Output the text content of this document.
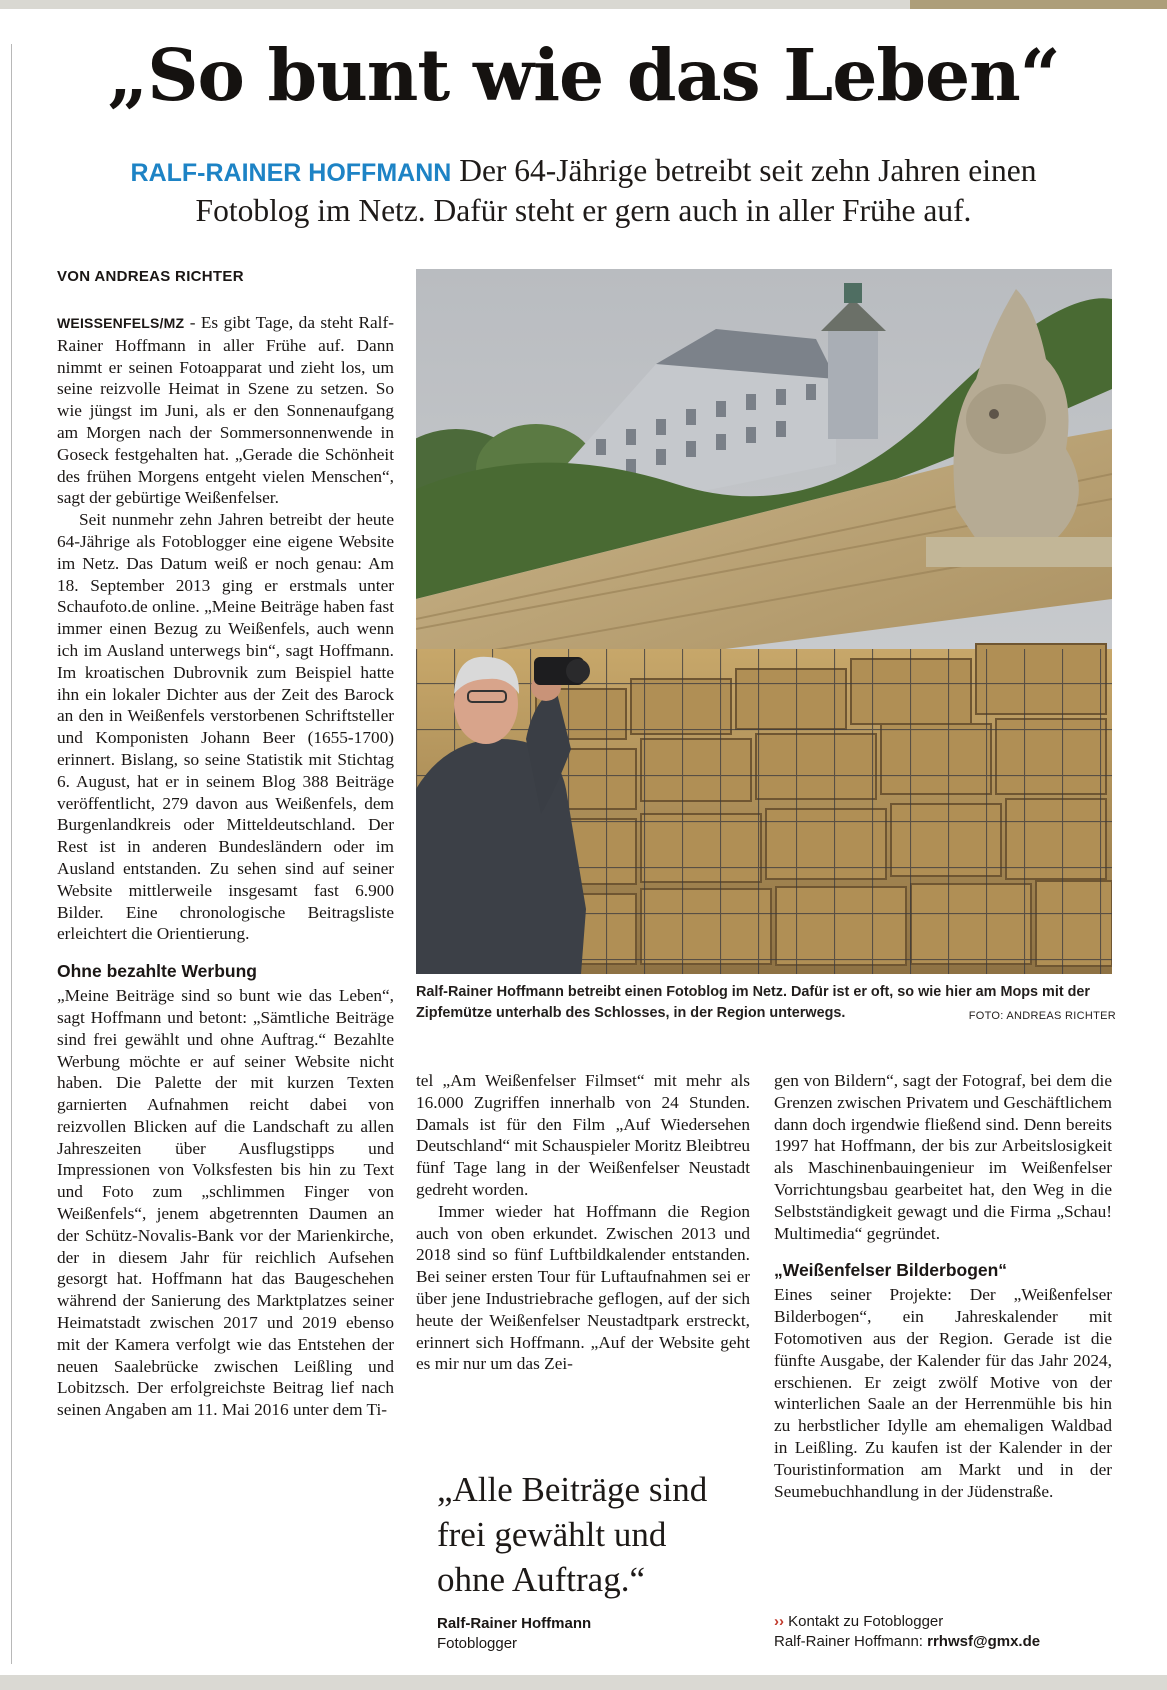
„So bunt wie das Leben“
RALF-RAINER HOFFMANN Der 64-Jährige betreibt seit zehn Jahren einen Fotoblog im Netz. Dafür steht er gern auch in aller Frühe auf.
VON ANDREAS RICHTER

WEISSENFELS/MZ - Es gibt Tage, da steht Ralf-Rainer Hoffmann in aller Frühe auf. Dann nimmt er seinen Fotoapparat und zieht los, um seine reizvolle Heimat in Szene zu setzen. So wie jüngst im Juni, als er den Sonnenaufgang am Morgen nach der Sommersonnenwende in Goseck festgehalten hat. „Gerade die Schönheit des frühen Morgens entgeht vielen Menschen“, sagt der gebürtige Weißenfelser.

Seit nunmehr zehn Jahren betreibt der heute 64-Jährige als Fotoblogger eine eigene Website im Netz. Das Datum weiß er noch genau: Am 18. September 2013 ging er erstmals unter Schaufoto.de online. „Meine Beiträge haben fast immer einen Bezug zu Weißenfels, auch wenn ich im Ausland unterwegs bin“, sagt Hoffmann. Im kroatischen Dubrovnik zum Beispiel hatte ihn ein lokaler Dichter aus der Zeit des Barock an den in Weißenfels verstorbenen Schriftsteller und Komponisten Johann Beer (1655-1700) erinnert. Bislang, so seine Statistik mit Stichtag 6. August, hat er in seinem Blog 388 Beiträge veröffentlicht, 279 davon aus Weißenfels, dem Burgenlandkreis oder Mitteldeutschland. Der Rest ist in anderen Bundesländern oder im Ausland entstanden. Zu sehen sind auf seiner Website mittlerweile insgesamt fast 6.900 Bilder. Eine chronologische Beitragsliste erleichtert die Orientierung.

Ohne bezahlte Werbung

„Meine Beiträge sind so bunt wie das Leben“, sagt Hoffmann und betont: „Sämtliche Beiträge sind frei gewählt und ohne Auftrag.“ Bezahlte Werbung möchte er auf seiner Website nicht haben. Die Palette der mit kurzen Texten garnierten Aufnahmen reicht dabei von reizvollen Blicken auf die Landschaft zu allen Jahreszeiten über Ausflugstipps und Impressionen von Volksfesten bis hin zu Text und Foto zum „schlimmen Finger von Weißenfels“, jenem abgetrennten Daumen an der Schütz-Novalis-Bank vor der Marienkirche, der in diesem Jahr für reichlich Aufsehen gesorgt hat. Hoffmann hat das Baugeschehen während der Sanierung des Marktplatzes seiner Heimatstadt zwischen 2017 und 2019 ebenso mit der Kamera verfolgt wie das Entstehen der neuen Saalebrücke zwischen Leißling und Lobitzsch. Der erfolgreichste Beitrag lief nach seinen Angaben am 11. Mai 2016 unter dem Ti-

Ralf-Rainer Hoffmann betreibt einen Fotoblog im Netz. Dafür ist er oft, so wie hier am Mops mit der Zipfemütze unterhalb des Schlosses, in der Region unterwegs.	FOTO: ANDREAS RICHTER

tel „Am Weißenfelser Filmset“ mit mehr als 16.000 Zugriffen innerhalb von 24 Stunden. Damals ist für den Film „Auf Wiedersehen Deutschland“ mit Schauspieler Moritz Bleibtreu fünf Tage lang in der Weißenfelser Neustadt gedreht worden.

Immer wieder hat Hoffmann die Region auch von oben erkundet. Zwischen 2013 und 2018 sind so fünf Luftbildkalender entstanden. Bei seiner ersten Tour für Luftaufnahmen sei er über jene Industriebrache geflogen, auf der sich heute der Weißenfelser Neustadtpark erstreckt, erinnert sich Hoffmann. „Auf der Website geht es mir nur um das Zei-

„Alle Beiträge sind frei gewählt und ohne Auftrag.“
Ralf-Rainer Hoffmann
Fotoblogger

gen von Bildern“, sagt der Fotograf, bei dem die Grenzen zwischen Privatem und Geschäftlichem dann doch irgendwie fließend sind. Denn bereits 1997 hat Hoffmann, der bis zur Arbeitslosigkeit als Maschinenbauingenieur im Weißenfelser Vorrichtungsbau gearbeitet hat, den Weg in die Selbstständigkeit gewagt und die Firma „Schau! Multimedia“ gegründet.

„Weißenfelser Bilderbogen“

Eines seiner Projekte: Der „Weißenfelser Bilderbogen“, ein Jahreskalender mit Fotomotiven aus der Region. Gerade ist die fünfte Ausgabe, der Kalender für das Jahr 2024, erschienen. Er zeigt zwölf Motive von der winterlichen Saale an der Herrenmühle bis hin zu herbstlicher Idylle am ehemaligen Waldbad in Leißling. Zu kaufen ist der Kalender in der Touristinformation am Markt und in der Seumebuchhandlung in der Jüdenstraße.

›› Kontakt zu Fotoblogger
Ralf-Rainer Hoffmann: rrhwsf@gmx.de
